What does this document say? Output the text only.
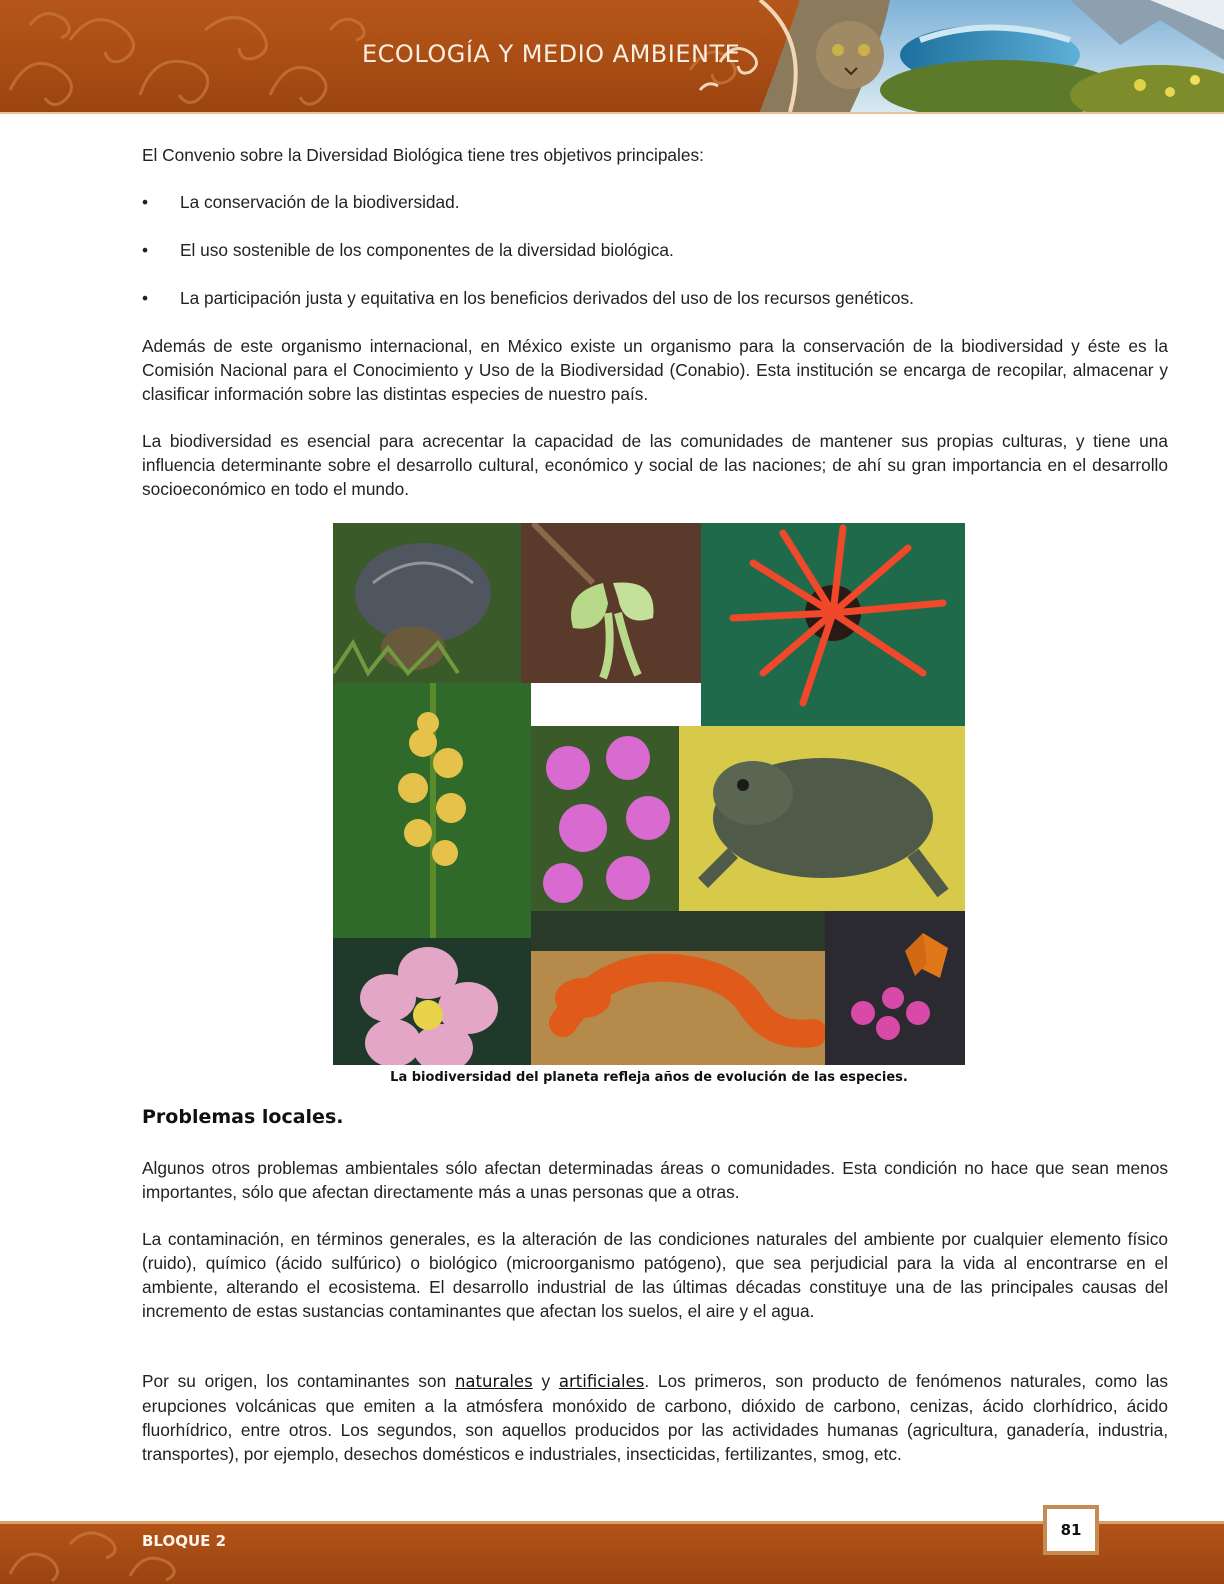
ECOLOGÍA Y MEDIO AMBIENTE

El Convenio sobre la Diversidad Biológica tiene tres objetivos principales:

• La conservación de la biodiversidad.
• El uso sostenible de los componentes de la diversidad biológica.
• La participación justa y equitativa en los beneficios derivados del uso de los recursos genéticos.

Además de este organismo internacional, en México existe un organismo para la conservación de la biodiversidad y éste es la Comisión Nacional para el Conocimiento y Uso de la Biodiversidad (Conabio). Esta institución se encarga de recopilar, almacenar y clasificar información sobre las distintas especies de nuestro país.

La biodiversidad es esencial para acrecentar la capacidad de las comunidades de mantener sus propias culturas, y tiene una influencia determinante sobre el desarrollo cultural, económico y social de las naciones; de ahí su gran importancia en el desarrollo socioeconómico en todo el mundo.

La biodiversidad del planeta refleja años de evolución de las especies.
Problemas locales.

Algunos otros problemas ambientales sólo afectan determinadas áreas o comunidades. Esta condición no hace que sean menos importantes, sólo que afectan directamente más a unas personas que a otras.

La contaminación, en términos generales, es la alteración de las condiciones naturales del ambiente por cualquier elemento físico (ruido), químico (ácido sulfúrico) o biológico (microorganismo patógeno), que sea perjudicial para la vida al encontrarse en el ambiente, alterando el ecosistema. El desarrollo industrial de las últimas décadas constituye una de las principales causas del incremento de estas sustancias contaminantes que afectan los suelos, el aire y el agua.

Por su origen, los contaminantes son naturales y artificiales. Los primeros, son producto de fenómenos naturales, como las erupciones volcánicas que emiten a la atmósfera monóxido de carbono, dióxido de carbono, cenizas, ácido clorhídrico, ácido fluorhídrico, entre otros. Los segundos, son aquellos producidos por las actividades humanas (agricultura, ganadería, industria, transportes), por ejemplo, desechos domésticos e industriales, insecticidas, fertilizantes, smog, etc.

BLOQUE 2
81
